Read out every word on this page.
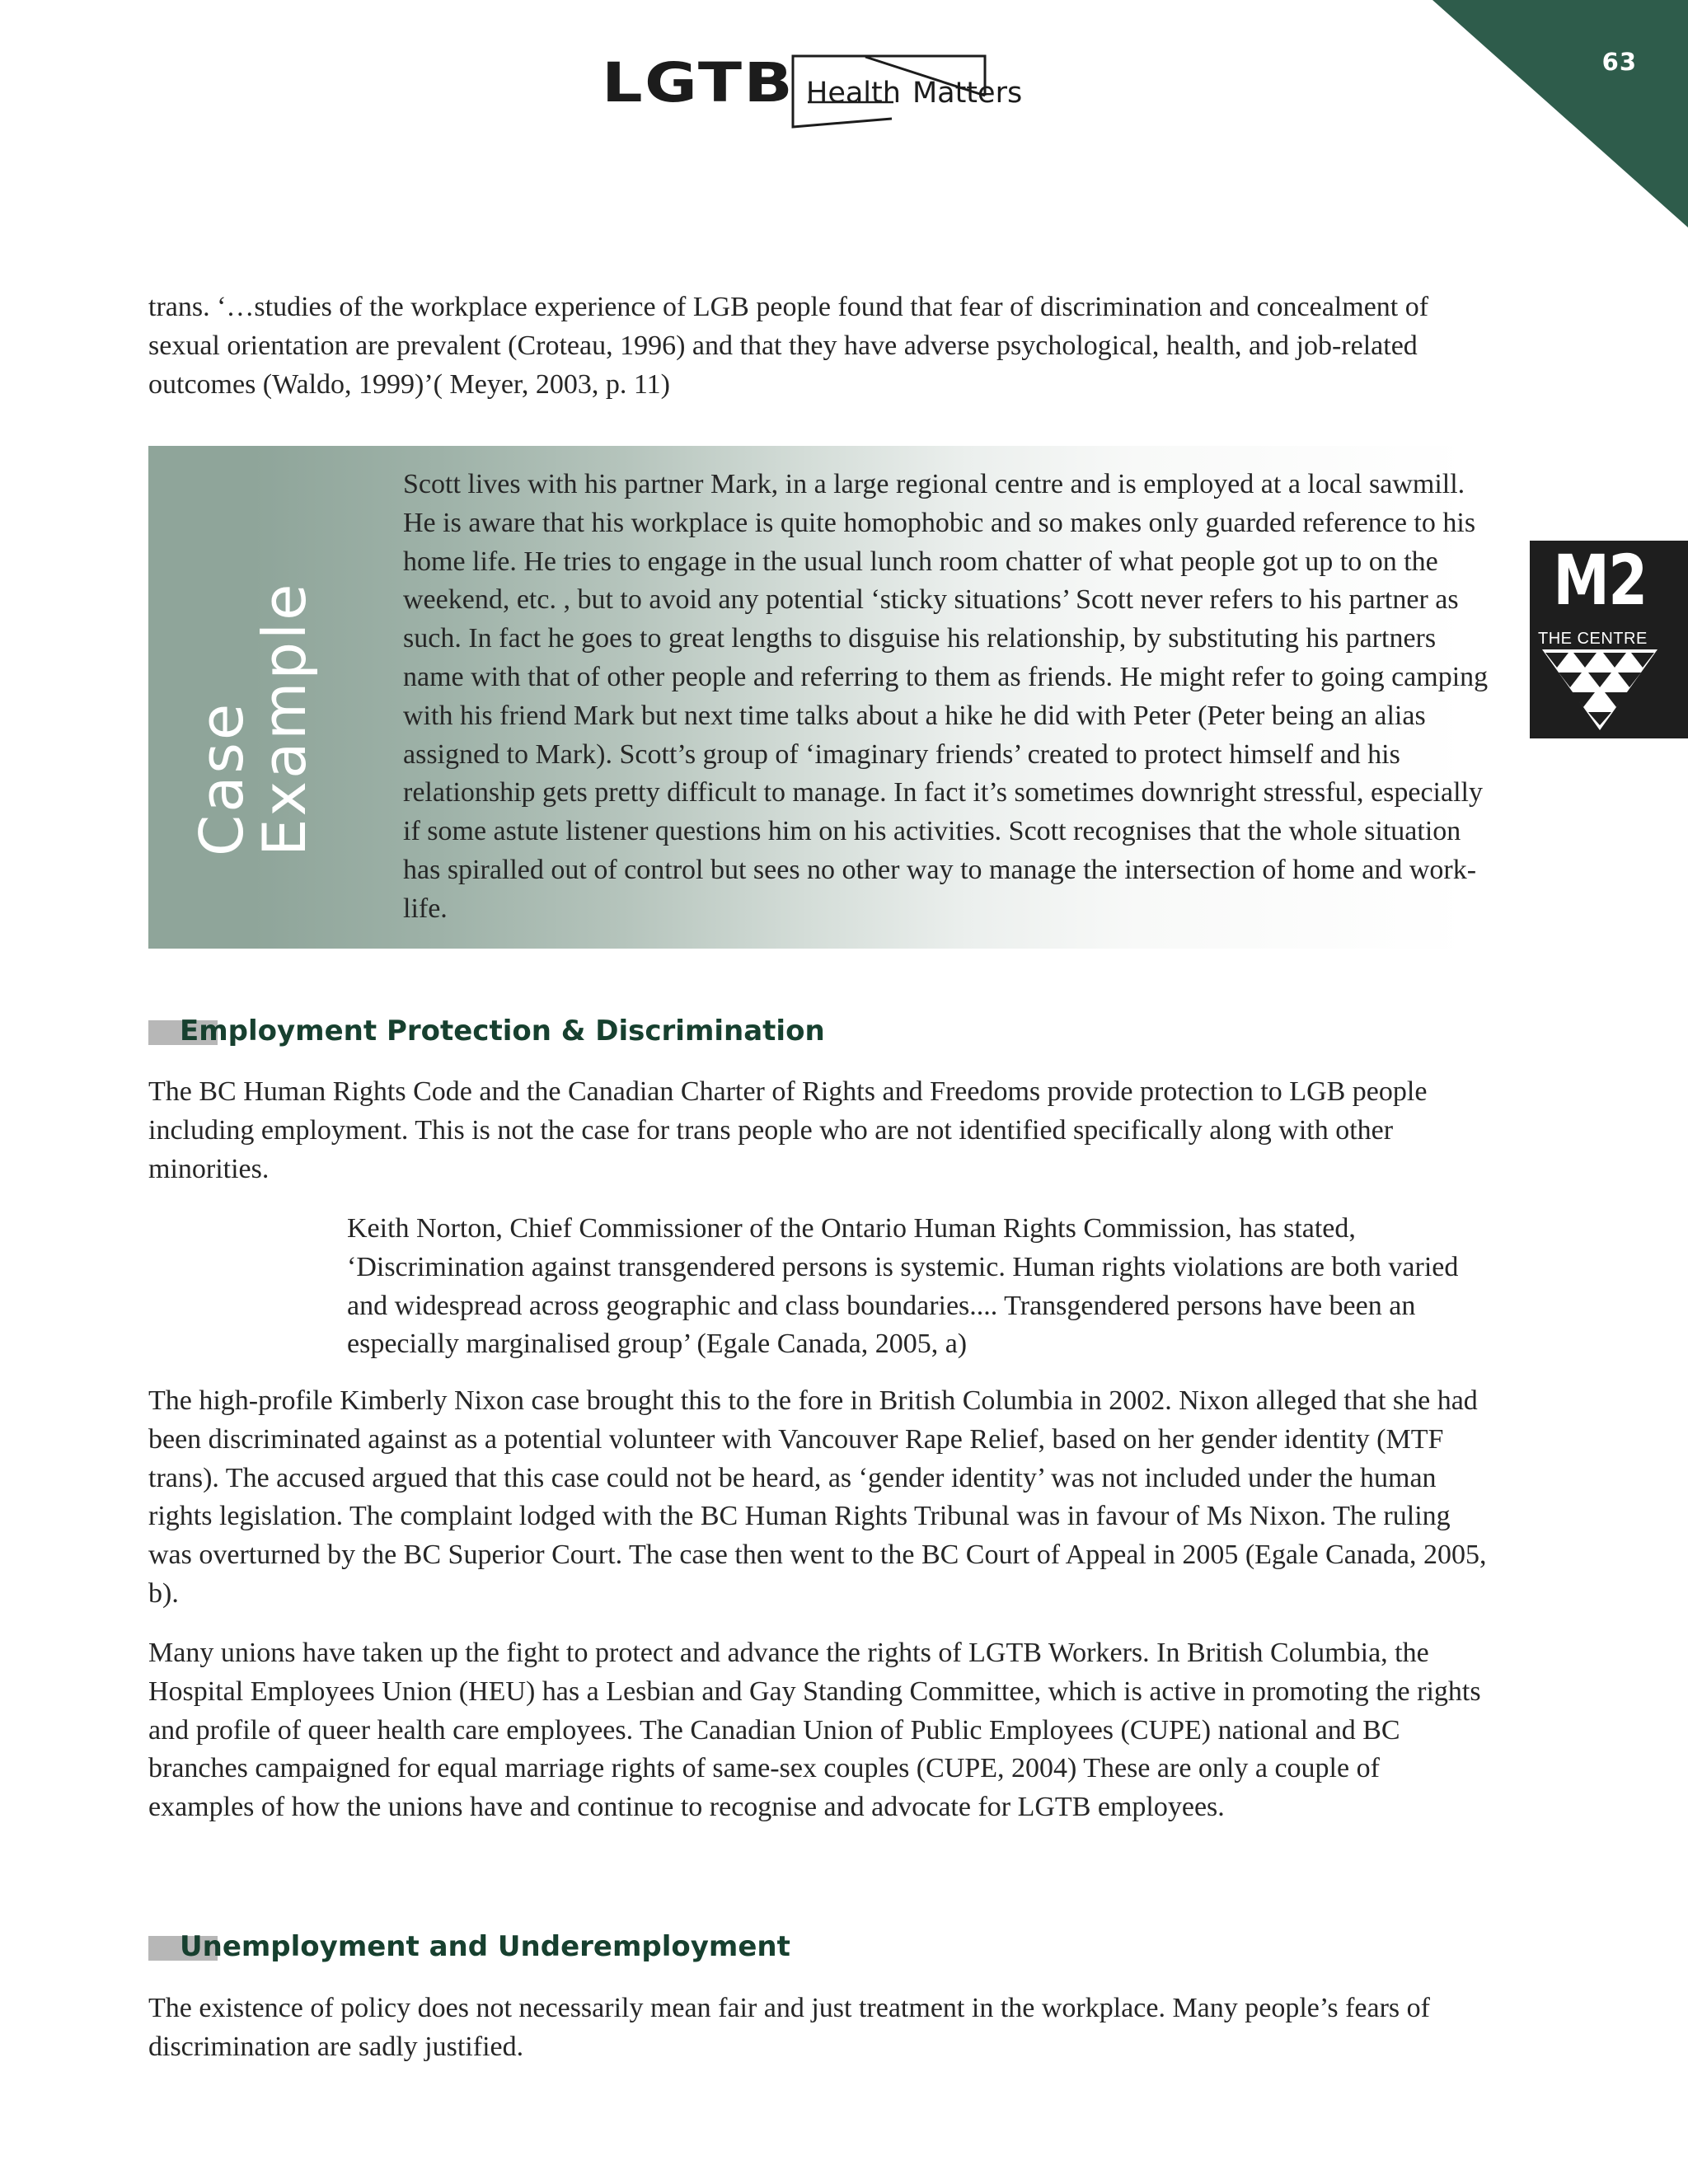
63
LGTB Health Matters

trans. ‘…studies of the workplace experience of LGB people found that fear of discrimination and concealment of sexual orientation are prevalent (Croteau, 1996) and that they have adverse psychological, health, and job-related outcomes (Waldo, 1999)’( Meyer, 2003, p. 11)

Case
Example

Scott lives with his partner Mark, in a large regional centre and is employed at a local sawmill. He is aware that his workplace is quite homophobic and so makes only guarded reference to his home life. He tries to engage in the usual lunch room chatter of what people got up to on the weekend, etc. , but to avoid any potential ‘sticky situations’ Scott never refers to his partner as such. In fact he goes to great lengths to disguise his relationship, by substituting his partners name with that of other people and referring to them as friends. He might refer to going camping with his friend Mark but next time talks about a hike he did with Peter (Peter being an alias assigned to Mark). Scott’s group of ‘imaginary friends’ created to protect himself and his relationship gets pretty difficult to manage. In fact it’s sometimes downright stressful, especially if some astute listener questions him on his activities. Scott recognises that the whole situation has spiralled out of control but sees no other way to manage the intersection of home and work-life.

M2
THE CENTRE
Employment Protection & Discrimination

The BC Human Rights Code and the Canadian Charter of Rights and Freedoms provide protection to LGB people including employment. This is not the case for trans people who are not identified specifically along with other minorities.

Keith Norton, Chief Commissioner of the Ontario Human Rights Commission, has stated, ‘Discrimination against transgendered persons is systemic. Human rights violations are both varied and widespread across geographic and class boundaries.... Transgendered persons have been an especially marginalised group’ (Egale Canada, 2005, a)

The high-profile Kimberly Nixon case brought this to the fore in British Columbia in 2002. Nixon alleged that she had been discriminated against as a potential volunteer with Vancouver Rape Relief, based on her gender identity (MTF trans). The accused argued that this case could not be heard, as ‘gender identity’ was not included under the human rights legislation. The complaint lodged with the BC Human Rights Tribunal was in favour of Ms Nixon. The ruling was overturned by the BC Superior Court. The case then went to the BC Court of Appeal in 2005 (Egale Canada, 2005, b).

Many unions have taken up the fight to protect and advance the rights of LGTB Workers. In British Columbia, the Hospital Employees Union (HEU) has a Lesbian and Gay Standing Committee, which is active in promoting the rights and profile of queer health care employees. The Canadian Union of Public Employees (CUPE) national and BC branches campaigned for equal marriage rights of same-sex couples (CUPE, 2004) These are only a couple of examples of how the unions have and continue to recognise and advocate for LGTB employees.

Unemployment and Underemployment

The existence of policy does not necessarily mean fair and just treatment in the workplace. Many people’s fears of discrimination are sadly justified.
